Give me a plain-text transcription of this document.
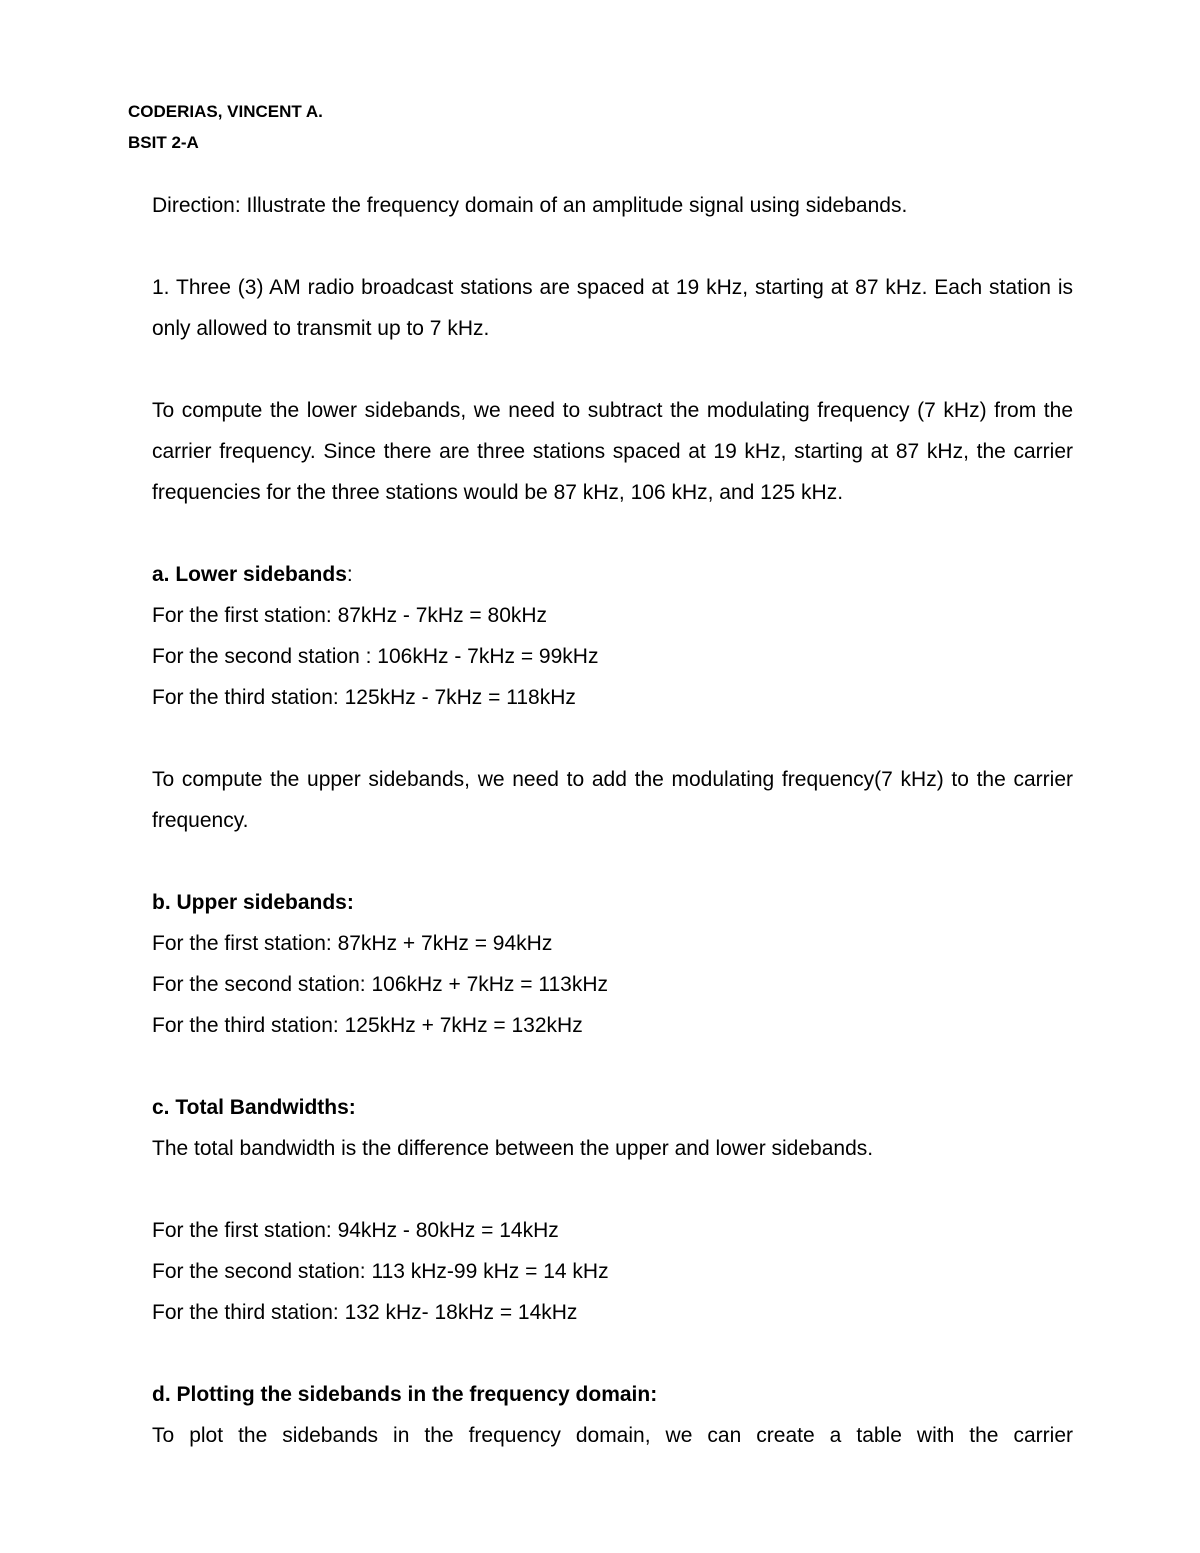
CODERIAS, VINCENT A.
BSIT 2-A

Direction: Illustrate the frequency domain of an amplitude signal using sidebands.

1. Three (3) AM radio broadcast stations are spaced at 19 kHz, starting at 87 kHz. Each station is only allowed to transmit up to 7 kHz.

To compute the lower sidebands, we need to subtract the modulating frequency (7 kHz) from the carrier frequency. Since there are three stations spaced at 19 kHz, starting at 87 kHz, the carrier frequencies for the three stations would be 87 kHz, 106 kHz, and 125 kHz.

a. Lower sidebands:

For the first station: 87kHz - 7kHz = 80kHz

For the second station : 106kHz - 7kHz = 99kHz

For the third station: 125kHz - 7kHz = 118kHz

To compute the upper sidebands, we need to add the modulating frequency(7 kHz) to the carrier frequency.

b. Upper sidebands:

For the first station: 87kHz + 7kHz = 94kHz

For the second station: 106kHz + 7kHz = 113kHz

For the third station: 125kHz + 7kHz = 132kHz

c. Total Bandwidths:

The total bandwidth is the difference between the upper and lower sidebands.

For the first station: 94kHz - 80kHz = 14kHz

For the second station: 113 kHz-99 kHz = 14 kHz

For the third station: 132 kHz- 18kHz = 14kHz

d. Plotting the sidebands in the frequency domain:

To plot the sidebands in the frequency domain, we can create a table with the carrier
